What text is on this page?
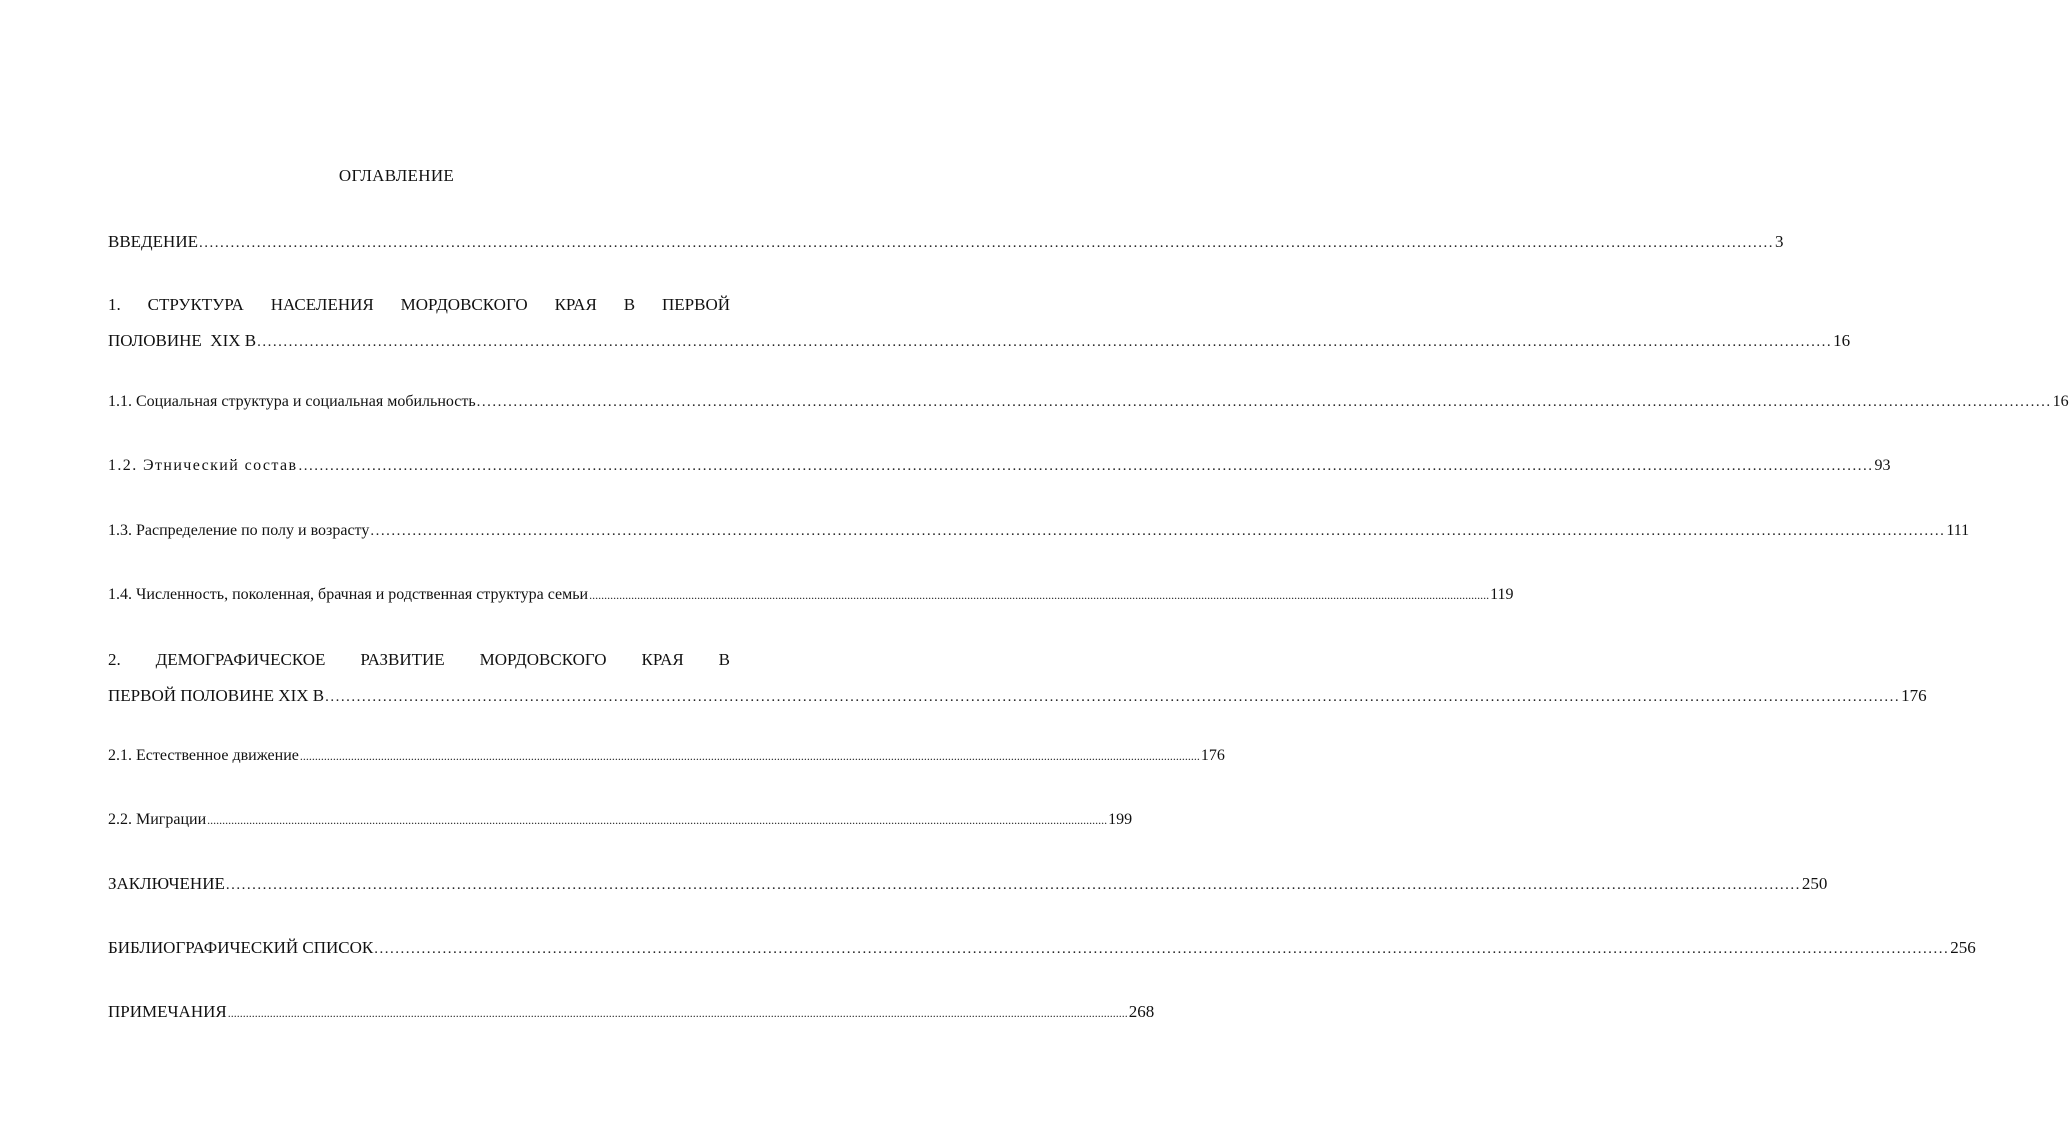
ОГЛАВЛЕНИЕ
ВВЕДЕНИЕ ............................................................................................................................................................................................................................................................................................................ 3
1. СТРУКТУРА НАСЕЛЕНИЯ МОРДОВСКОГО КРАЯ В ПЕРВОЙ
ПОЛОВИНЕ  XIX В ............................................................................................................................................................................................................................................................................................................ 16
1.1. Социальная структура и социальная мобильность ............................................................................................................................................................................................................................................................................................................ 16
1.2. Этнический состав ............................................................................................................................................................................................................................................................................................................ 93
1.3. Распределение по полу и возрасту ............................................................................................................................................................................................................................................................................................................ 111
1.4. Численность, поколенная, брачная и родственная структура семьи ............................................................................................................................................................................................................................................................................................................ 119
2. ДЕМОГРАФИЧЕСКОЕ РАЗВИТИЕ МОРДОВСКОГО КРАЯ В
ПЕРВОЙ ПОЛОВИНЕ XIX В ............................................................................................................................................................................................................................................................................................................ 176
2.1. Естественное движение ............................................................................................................................................................................................................................................................................................................ 176
2.2. Миграции ............................................................................................................................................................................................................................................................................................................ 199
ЗАКЛЮЧЕНИЕ ............................................................................................................................................................................................................................................................................................................ 250
БИБЛИОГРАФИЧЕСКИЙ СПИСОК ............................................................................................................................................................................................................................................................................................................ 256
ПРИМЕЧАНИЯ ............................................................................................................................................................................................................................................................................................................ 268
